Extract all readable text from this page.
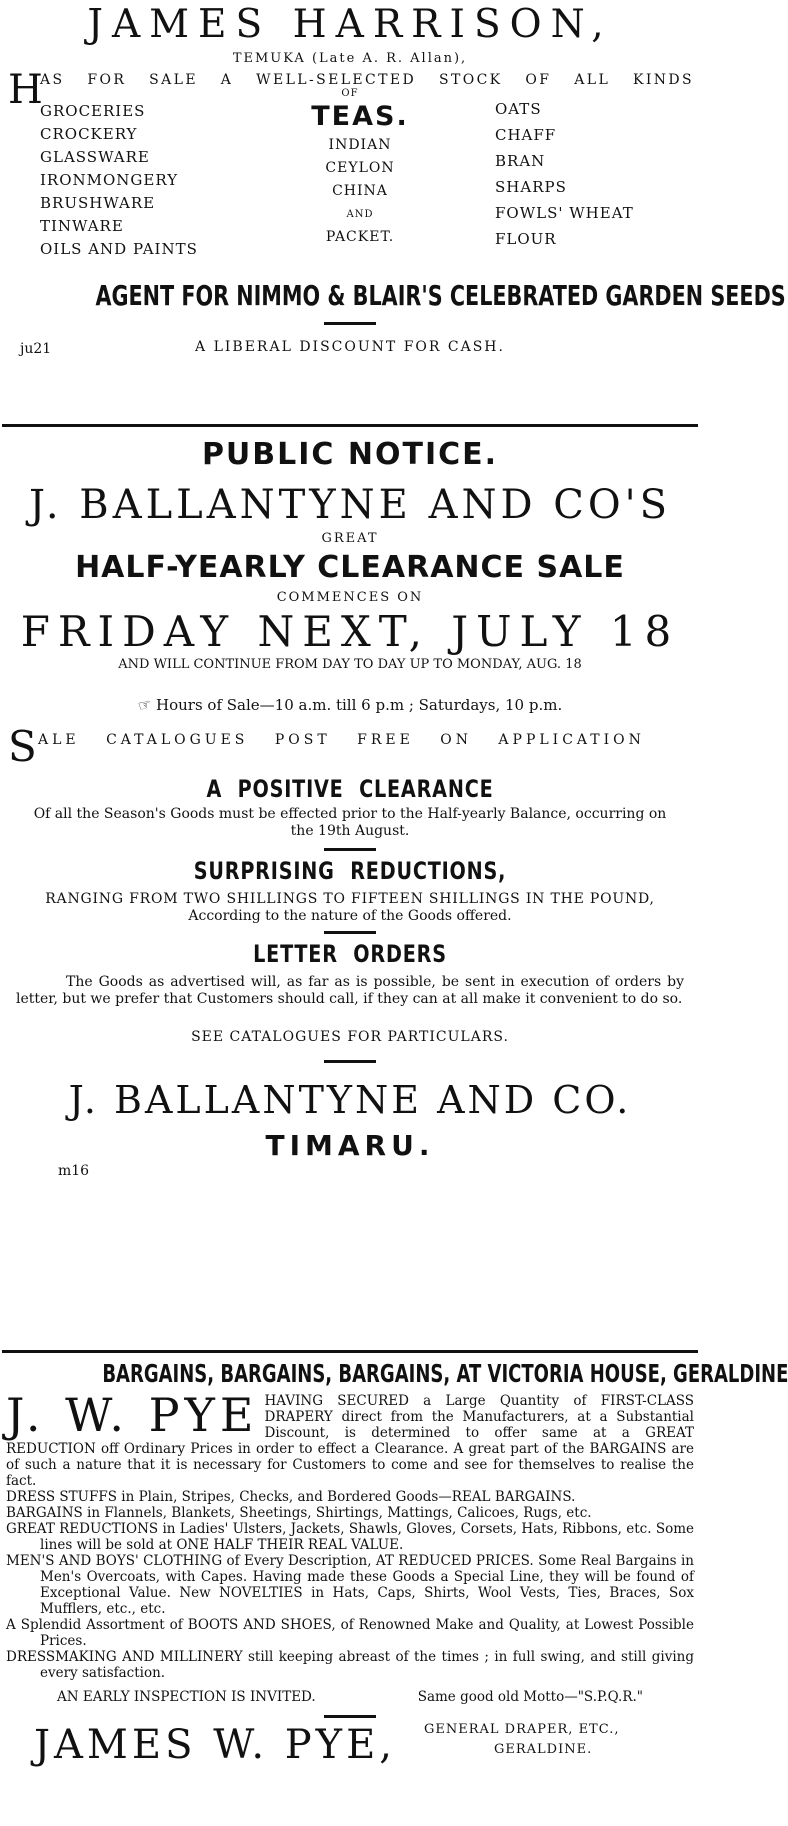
JAMES HARRISON,
TEMUKA (Late A. R. Allan),
H
AS FOR SALE A WELL-SELECTED STOCK OF ALL KINDS
OF
GROCERIES
CROCKERY
GLASSWARE
IRONMONGERY
BRUSHWARE
TINWARE
OILS AND PAINTS
TEAS.
INDIAN
CEYLON
CHINA
AND
PACKET.
OATS
CHAFF
BRAN
SHARPS
FOWLS' WHEAT
FLOUR
AGENT FOR NIMMO & BLAIR'S CELEBRATED GARDEN SEEDS
ju21	A LIBERAL DISCOUNT FOR CASH.
PUBLIC NOTICE.
J. BALLANTYNE AND CO'S
GREAT
HALF-YEARLY CLEARANCE SALE
COMMENCES ON
FRIDAY NEXT, JULY 18
AND WILL CONTINUE FROM DAY TO DAY UP TO MONDAY, AUG. 18
☞ Hours of Sale—10 a.m. till 6 p.m ; Saturdays, 10 p.m.
S ALE CATALOGUES POST FREE ON APPLICATION
A POSITIVE CLEARANCE
Of all the Season's Goods must be effected prior to the Half-yearly Balance, occurring on the 19th August.
SURPRISING REDUCTIONS,
RANGING FROM TWO SHILLINGS TO FIFTEEN SHILLINGS IN THE POUND,
According to the nature of the Goods offered.
LETTER ORDERS
The Goods as advertised will, as far as is possible, be sent in execution of orders by letter, but we prefer that Customers should call, if they can at all make it convenient to do so.
SEE CATALOGUES FOR PARTICULARS.
J. BALLANTYNE AND CO.
TIMARU.
m16
BARGAINS, BARGAINS, BARGAINS, AT VICTORIA HOUSE, GERALDINE
J. W. PYE HAVING SECURED a Large Quantity of FIRST-CLASS DRAPERY direct from the Manufacturers, at a Substantial Discount, is determined to offer same at a GREAT REDUCTION off Ordinary Prices in order to effect a Clearance. A great part of the BARGAINS are of such a nature that it is necessary for Customers to come and see for themselves to realise the fact.
DRESS STUFFS in Plain, Stripes, Checks, and Bordered Goods—REAL BARGAINS.
BARGAINS in Flannels, Blankets, Sheetings, Shirtings, Mattings, Calicoes, Rugs, etc.
GREAT REDUCTIONS in Ladies' Ulsters, Jackets, Shawls, Gloves, Corsets, Hats, Ribbons, etc. Some lines will be sold at ONE HALF THEIR REAL VALUE.
MEN'S AND BOYS' CLOTHING of Every Description, AT REDUCED PRICES. Some Real Bargains in Men's Overcoats, with Capes. Having made these Goods a Special Line, they will be found of Exceptional Value. New NOVELTIES in Hats, Caps, Shirts, Wool Vests, Ties, Braces, Sox Mufflers, etc., etc.
A Splendid Assortment of BOOTS AND SHOES, of Renowned Make and Quality, at Lowest Possible Prices.
DRESSMAKING AND MILLINERY still keeping abreast of the times ; in full swing, and still giving every satisfaction.
AN EARLY INSPECTION IS INVITED.	Same good old Motto—"S.P.Q.R."
JAMES W. PYE, GENERAL DRAPER, ETC.,
GERALDINE.
